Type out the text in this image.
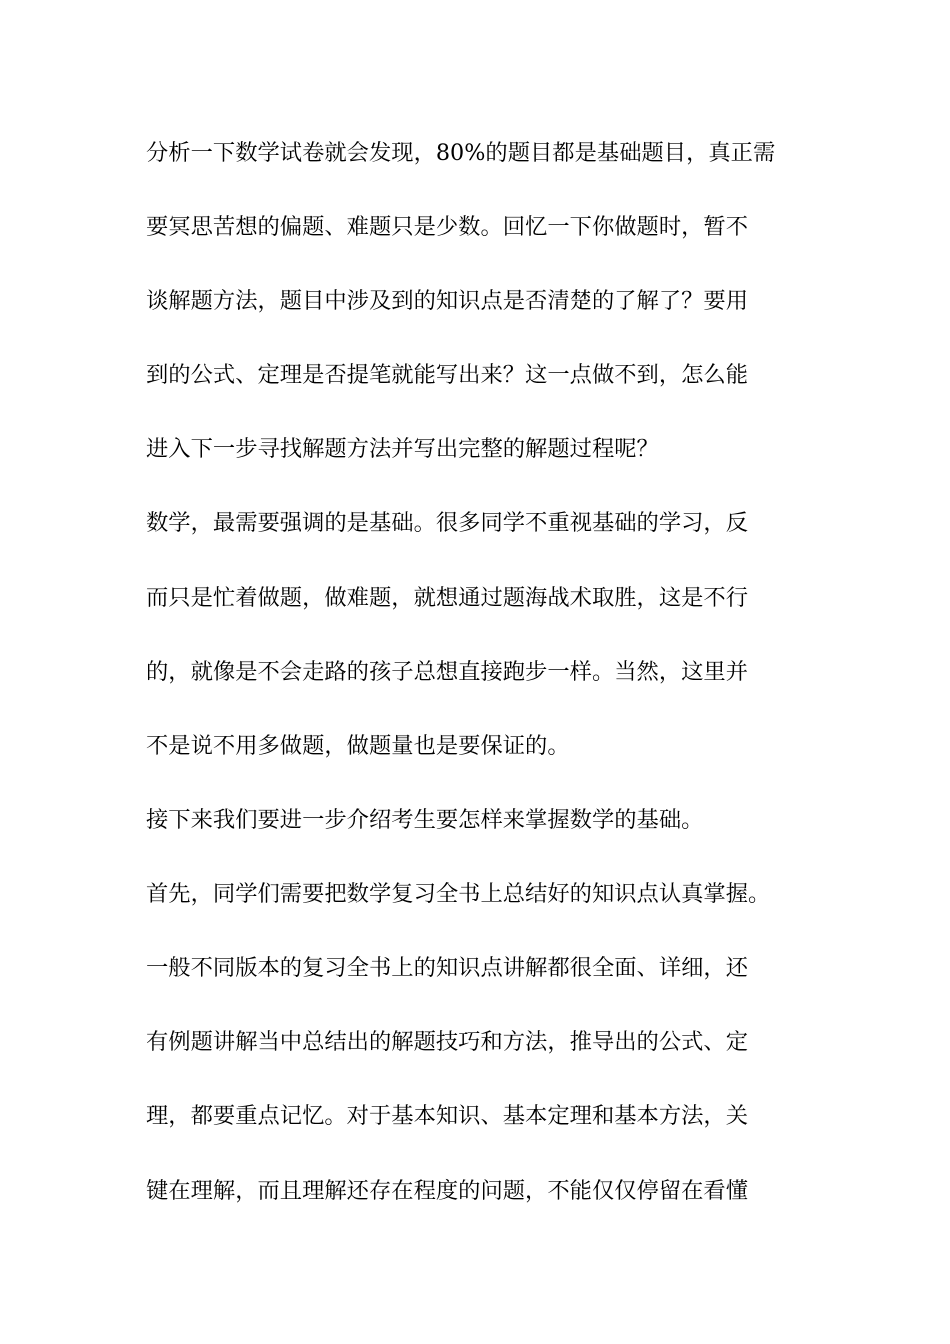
分析一下数学试卷就会发现，80%的题目都是基础题目，真正需
要冥思苦想的偏题、难题只是少数。回忆一下你做题时，暂不
谈解题方法，题目中涉及到的知识点是否清楚的了解了？要用
到的公式、定理是否提笔就能写出来？这一点做不到，怎么能
进入下一步寻找解题方法并写出完整的解题过程呢？
数学，最需要强调的是基础。很多同学不重视基础的学习，反
而只是忙着做题，做难题，就想通过题海战术取胜，这是不行
的，就像是不会走路的孩子总想直接跑步一样。当然，这里并
不是说不用多做题，做题量也是要保证的。
接下来我们要进一步介绍考生要怎样来掌握数学的基础。
首先，同学们需要把数学复习全书上总结好的知识点认真掌握。
一般不同版本的复习全书上的知识点讲解都很全面、详细，还
有例题讲解当中总结出的解题技巧和方法，推导出的公式、定
理，都要重点记忆。对于基本知识、基本定理和基本方法，关
键在理解，而且理解还存在程度的问题，不能仅仅停留在看懂
